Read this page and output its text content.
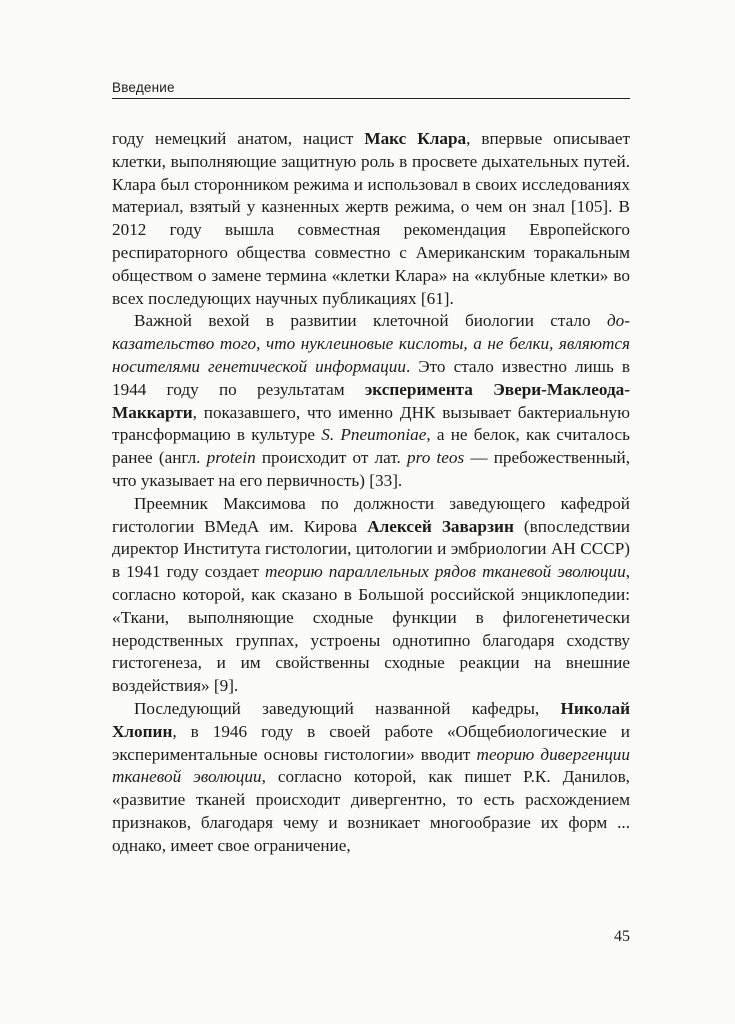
Введение

году немецкий анатом, нацист Макс Клара, впервые описывает клетки, выполняющие защитную роль в просвете дыхательных путей. Клара был сторонником режима и использовал в своих исследованиях материал, взятый у казненных жертв режима, о чем он знал [105]. В 2012 году вышла совместная рекомендация Европейского респираторного общества совместно с Американским торакальным обществом о замене термина «клетки Клара» на «клубные клетки» во всех последующих научных публикациях [61].

Важной вехой в развитии клеточной биологии стало доказательство того, что нуклеиновые кислоты, а не белки, являются носителями генетической информации. Это стало известно лишь в 1944 году по результатам эксперимента Эвери-Маклеода-Маккарти, показавшего, что именно ДНК вызывает бактериальную трансформацию в культуре S. Pneumoniae, а не белок, как считалось ранее (англ. protein происходит от лат. pro teos — пребожественный, что указывает на его первичность) [33].

Преемник Максимова по должности заведующего кафедрой гистологии ВМедА им. Кирова Алексей Заварзин (впоследствии директор Института гистологии, цитологии и эмбриологии АН СССР) в 1941 году создает теорию параллельных рядов тканевой эволюции, согласно которой, как сказано в Большой российской энциклопедии: «Ткани, выполняющие сходные функции в филогенетически неродственных группах, устроены однотипно благодаря сходству гистогенеза, и им свойственны сходные реакции на внешние воздействия» [9].

Последующий заведующий названной кафедры, Николай Хлопин, в 1946 году в своей работе «Общебиологические и экспериментальные основы гистологии» вводит теорию дивергенции тканевой эволюции, согласно которой, как пишет Р.К. Данилов, «развитие тканей происходит дивергентно, то есть расхождением признаков, благодаря чему и возникает многообразие их форм ... однако, имеет свое ограничение,

45
